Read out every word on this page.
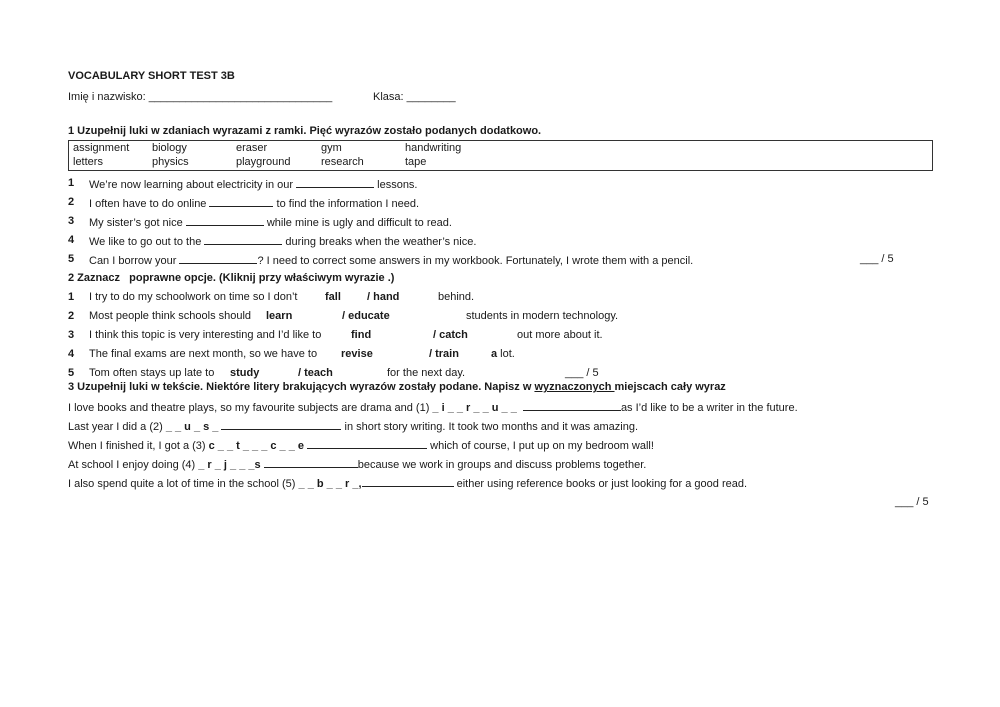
VOCABULARY SHORT TEST 3B
Imię i nazwisko: ______________________________	Klasa: ________
1 Uzupełnij luki w zdaniach wyrazami z ramki. Pięć wyrazów zostało podanych dodatkowo.
assignment biology	eraser	gym	handwriting
letters	physics	playground	research	tape
1 We’re now learning about electricity in our	lessons.
2 I often have to do online	to find the information I need.
3 My sister’s got nice	while mine is ugly and difficult to read.
4 We like to go out to the	during breaks when the weather’s nice.
5 Can I borrow your	? I need to correct some answers in my workbook. Fortunately, I wrote them with a pencil.	___ / 5
2 Zaznacz   poprawne opcje. (Kliknij przy właściwym wyrazie .)
1 I try to do my schoolwork on time so I don’t	fall / hand	behind.
2 Most people think schools should learn	/ educate	students in modern technology.
3 I think this topic is very interesting and I’d like to	find	/ catch	out more about it.
4 The final exams are next month, so we have to revise	/ train	a lot.
5 Tom often stays up late to study	/ teach	for the next day.	___ / 5
3 Uzupełnij luki w tekście. Niektóre litery brakujących wyrazów zostały podane. Napisz w wyznaczonych miejscach cały wyraz
I love books and theatre plays, so my favourite subjects are drama and (1) _ i _ _ r _ _ u _ _	as I’d like to be a writer in the future.
Last year I did a (2) _ _ u _ s _	in short story writing. It took two months and it was amazing.
When I finished it, I got a (3) c _ _ t _ _ _ c _ _ e	which of course, I put up on my bedroom wall!
At school I enjoy doing (4) _ r _ j _ _ _s	because we work in groups and discuss problems together.
I also spend quite a lot of time in the school (5) _ _ b _ _ r _,	either using reference books or just looking for a good read.
___ / 5
